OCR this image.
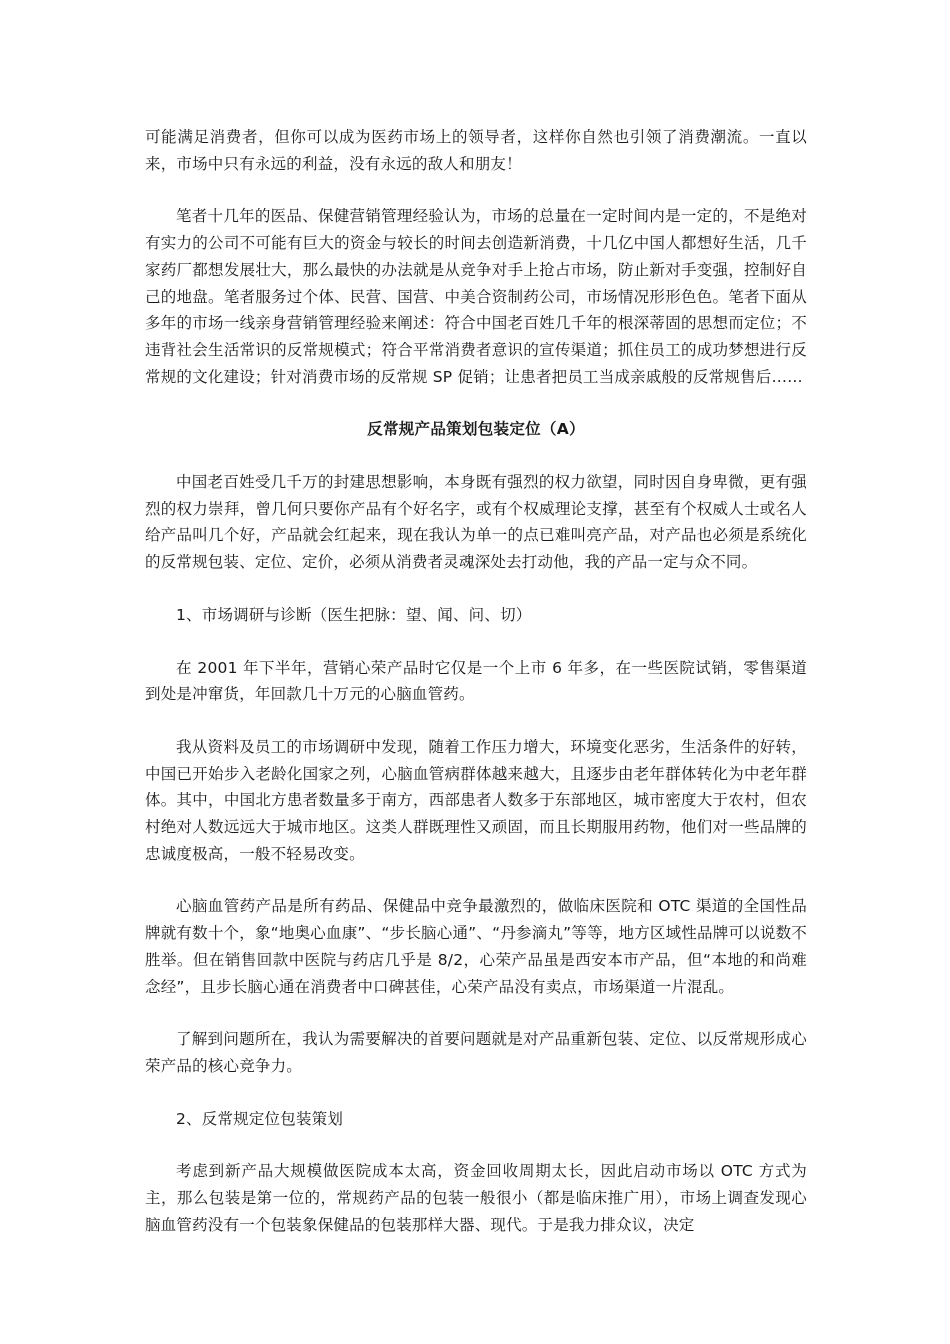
可能满足消费者，但你可以成为医药市场上的领导者，这样你自然也引领了消费潮流。一直以来，市场中只有永远的利益，没有永远的敌人和朋友！

笔者十几年的医品、保健营销管理经验认为，市场的总量在一定时间内是一定的，不是绝对有实力的公司不可能有巨大的资金与较长的时间去创造新消费，十几亿中国人都想好生活，几千家药厂都想发展壮大，那么最快的办法就是从竞争对手上抢占市场，防止新对手变强，控制好自己的地盘。笔者服务过个体、民营、国营、中美合资制药公司，市场情况形形色色。笔者下面从多年的市场一线亲身营销管理经验来阐述：符合中国老百姓几千年的根深蒂固的思想而定位；不违背社会生活常识的反常规模式；符合平常消费者意识的宣传渠道；抓住员工的成功梦想进行反常规的文化建设；针对消费市场的反常规 SP 促销；让患者把员工当成亲戚般的反常规售后……

反常规产品策划包装定位（A）

中国老百姓受几千万的封建思想影响，本身既有强烈的权力欲望，同时因自身卑微，更有强烈的权力崇拜，曾几何只要你产品有个好名字，或有个权威理论支撑，甚至有个权威人士或名人给产品叫几个好，产品就会红起来，现在我认为单一的点已难叫亮产品，对产品也必须是系统化的反常规包装、定位、定价，必须从消费者灵魂深处去打动他，我的产品一定与众不同。

1、市场调研与诊断（医生把脉：望、闻、问、切）

在 2001 年下半年，营销心荣产品时它仅是一个上市 6 年多，在一些医院试销，零售渠道到处是冲窜货，年回款几十万元的心脑血管药。

我从资料及员工的市场调研中发现，随着工作压力增大，环境变化恶劣，生活条件的好转，中国已开始步入老龄化国家之列，心脑血管病群体越来越大，且逐步由老年群体转化为中老年群体。其中，中国北方患者数量多于南方，西部患者人数多于东部地区，城市密度大于农村，但农村绝对人数远远大于城市地区。这类人群既理性又顽固，而且长期服用药物，他们对一些品牌的忠诚度极高，一般不轻易改变。

心脑血管药产品是所有药品、保健品中竞争最激烈的，做临床医院和 OTC 渠道的全国性品牌就有数十个，象“地奥心血康”、“步长脑心通”、“丹参滴丸”等等，地方区域性品牌可以说数不胜举。但在销售回款中医院与药店几乎是 8/2，心荣产品虽是西安本市产品，但“本地的和尚难念经”，且步长脑心通在消费者中口碑甚佳，心荣产品没有卖点，市场渠道一片混乱。

了解到问题所在，我认为需要解决的首要问题就是对产品重新包装、定位、以反常规形成心荣产品的核心竞争力。

2、反常规定位包装策划

考虑到新产品大规模做医院成本太高，资金回收周期太长，因此启动市场以 OTC 方式为主，那么包装是第一位的，常规药产品的包装一般很小（都是临床推广用），市场上调查发现心脑血管药没有一个包装象保健品的包装那样大器、现代。于是我力排众议，决定
